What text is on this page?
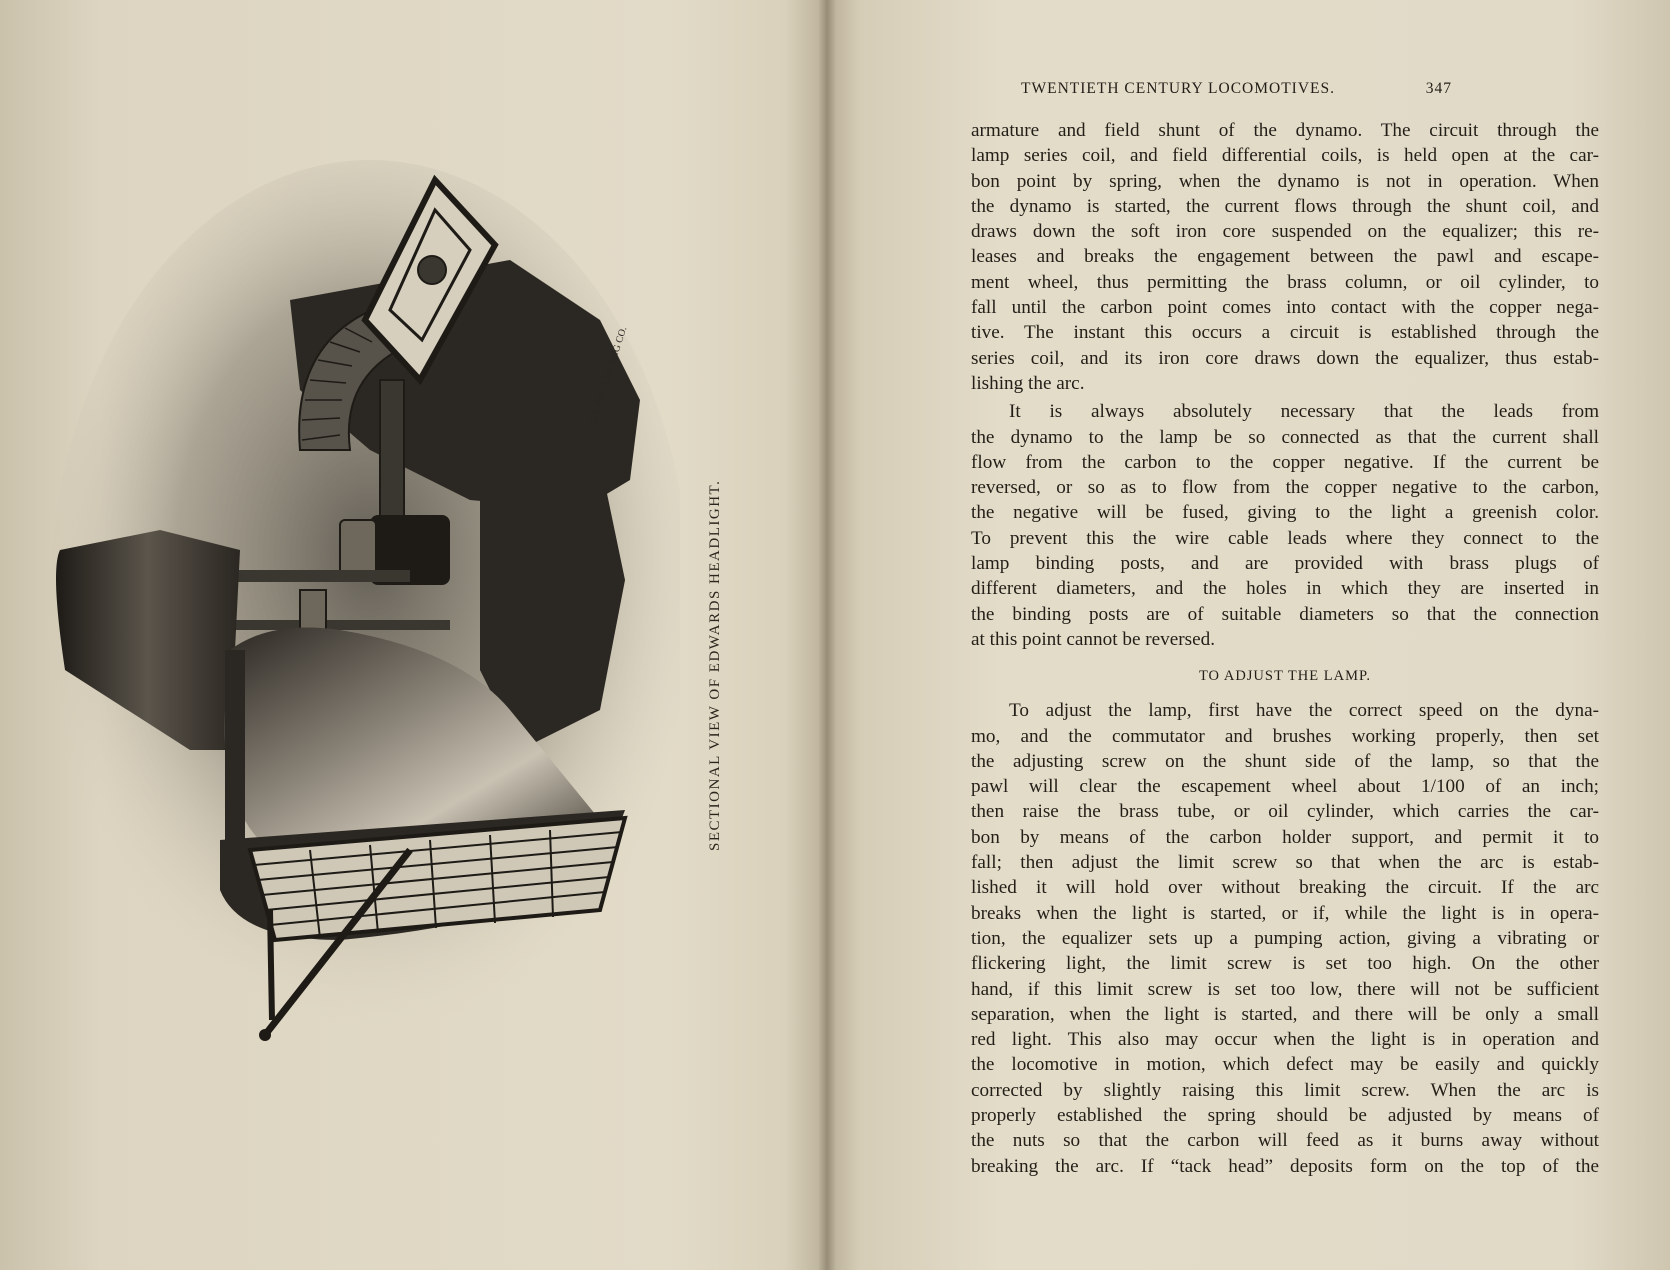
CH. PHILLEY ENG CO.
SECTIONAL VIEW OF EDWARDS HEADLIGHT.
TWENTIETH CENTURY LOCOMOTIVES.	347
armature and field shunt of the dynamo. The circuit through the
lamp series coil, and field differential coils, is held open at the car-
bon point by spring, when the dynamo is not in operation. When
the dynamo is started, the current flows through the shunt coil, and
draws down the soft iron core suspended on the equalizer; this re-
leases and breaks the engagement between the pawl and escape-
ment wheel, thus permitting the brass column, or oil cylinder, to
fall until the carbon point comes into contact with the copper nega-
tive. The instant this occurs a circuit is established through the
series coil, and its iron core draws down the equalizer, thus estab-
lishing the arc.
It is always absolutely necessary that the leads from
the dynamo to the lamp be so connected as that the current shall
flow from the carbon to the copper negative. If the current be
reversed, or so as to flow from the copper negative to the carbon,
the negative will be fused, giving to the light a greenish color.
To prevent this the wire cable leads where they connect to the
lamp binding posts, and are provided with brass plugs of
different diameters, and the holes in which they are inserted in
the binding posts are of suitable diameters so that the connection
at this point cannot be reversed.
TO ADJUST THE LAMP.
To adjust the lamp, first have the correct speed on the dyna-
mo, and the commutator and brushes working properly, then set
the adjusting screw on the shunt side of the lamp, so that the
pawl will clear the escapement wheel about 1/100 of an inch;
then raise the brass tube, or oil cylinder, which carries the car-
bon by means of the carbon holder support, and permit it to
fall; then adjust the limit screw so that when the arc is estab-
lished it will hold over without breaking the circuit. If the arc
breaks when the light is started, or if, while the light is in opera-
tion, the equalizer sets up a pumping action, giving a vibrating or
flickering light, the limit screw is set too high. On the other
hand, if this limit screw is set too low, there will not be sufficient
separation, when the light is started, and there will be only a small
red light. This also may occur when the light is in operation and
the locomotive in motion, which defect may be easily and quickly
corrected by slightly raising this limit screw. When the arc is
properly established the spring should be adjusted by means of
the nuts so that the carbon will feed as it burns away without
breaking the arc. If “tack head” deposits form on the top of the
